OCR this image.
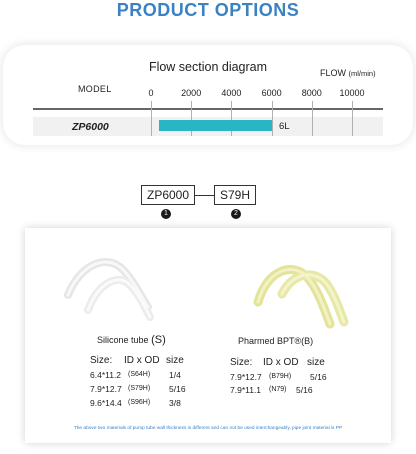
PRODUCT OPTIONS
Flow section diagram	FLOW (ml/min)
MODEL	0	2000 4000 6000 8000 10000
ZP6000	6L
ZP6000	S79H
1	2
Silicone tube (S)	Pharmed BPT®(B)
Size: ID x OD size
6.4*11.2 (S64H) 1/4
7.9*12.7 (S79H) 5/16
9.6*14.4 (S96H) 3/8
Size: ID x OD size
7.9*12.7 (B79H) 5/16
7.9*11.1 (N79) 5/16
The above two materials of pump tube wall thickness is different and can not be used interchangeably, pipe joint material is PP
